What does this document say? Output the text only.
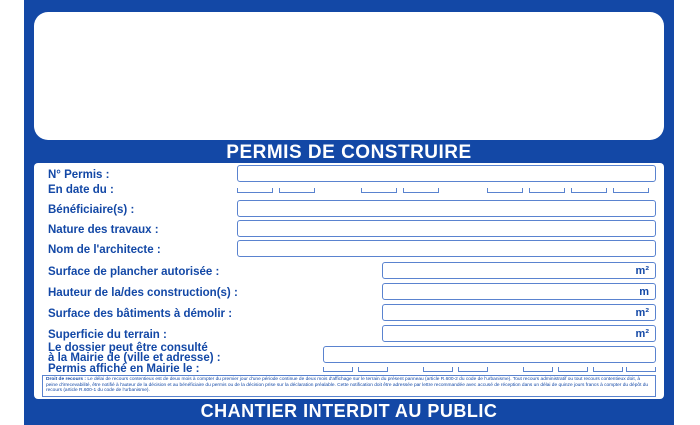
PERMIS DE CONSTRUIRE
N° Permis :
En date du :
Bénéficiaire(s) :
Nature des travaux :
Nom de l'architecte :
Surface de plancher autorisée :	m²
Hauteur de la/des construction(s) :	m
Surface des bâtiments à démolir :	m²
Superficie du terrain :	m²
Le dossier peut être consulté
à la Mairie de (ville et adresse) :
Permis affiché en Mairie le :
Droit de recours : Le délai de recours contentieux est de deux mois à compter du premier jour d'une période continue de deux mois d'affichage sur le terrain du présent panneau (article R.600-2 du code de l'urbanisme). Tout recours administratif ou tout recours contentieux doit, à peine d'irrecevabilité, être notifié à l'auteur de la décision et au bénéficiaire du permis ou de la décision prise sur la déclaration préalable. Cette notification doit être adressée par lettre recommandée avec accusé de réception dans un délai de quinze jours francs à compter du dépôt du recours (article R.600-1 du code de l'urbanisme).
CHANTIER INTERDIT AU PUBLIC
